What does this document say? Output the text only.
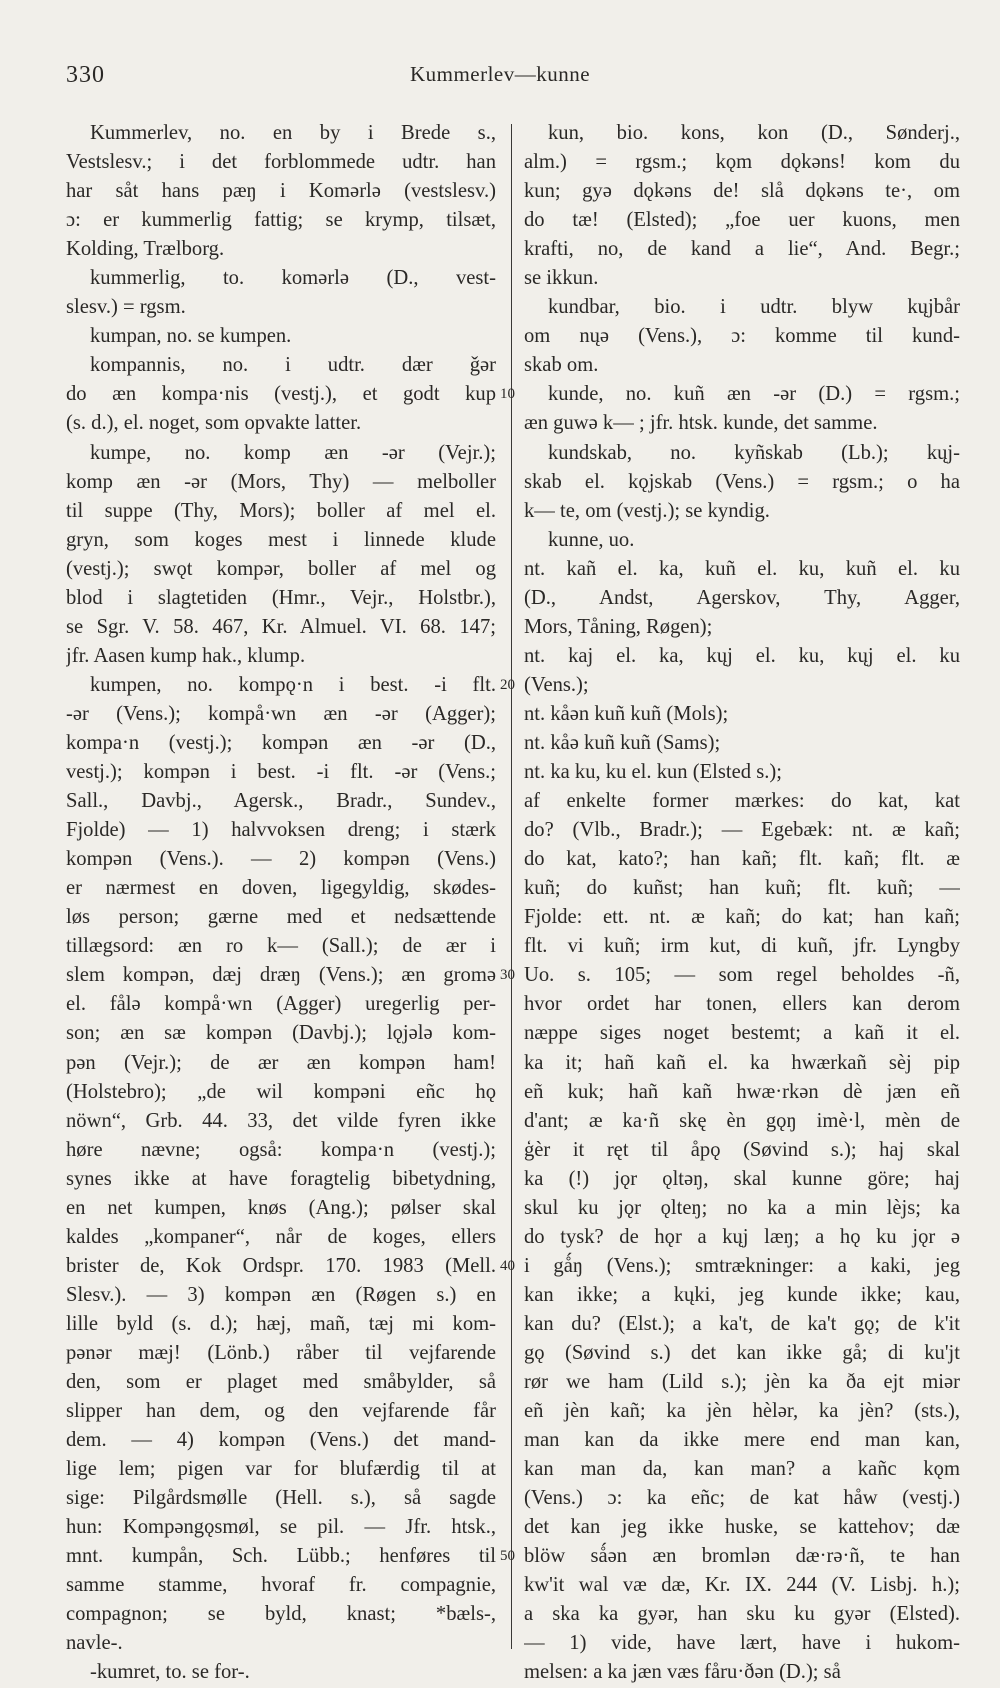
330	Kummerlev—kunne
Kummerlev, no. en by i Brede s.,
Vestslesv.; i det forblommede udtr. han
har såt hans pæŋ i Komərlə (vestslesv.)
ɔ: er kummerlig fattig; se krymp, tilsæt,
Kolding, Trælborg.
kummerlig, to. komərlə (D., vest-
slesv.) = rgsm.
kumpan, no. se kumpen.
kompannis, no. i udtr. dær ǧər
do æn kompa·nis (vestj.), et godt kup
(s. d.), el. noget, som opvakte latter.
kumpe, no. komp æn -ər (Vejr.);
komp æn -ər (Mors, Thy) — melboller
til suppe (Thy, Mors); boller af mel el.
gryn, som koges mest i linnede klude
(vestj.); swǫt kompər, boller af mel og
blod i slagtetiden (Hmr., Vejr., Holstbr.),
se Sgr. V. 58. 467, Kr. Almuel. VI. 68. 147;
jfr. Aasen kump hak., klump.
kumpen, no. kompǫ·n i best. -i flt.
-ər (Vens.); kompå·wn æn -ər (Agger);
kompa·n (vestj.); kompən æn -ər (D.,
vestj.); kompən i best. -i flt. -ər (Vens.;
Sall., Davbj., Agersk., Bradr., Sundev.,
Fjolde) — 1) halvvoksen dreng; i stærk
kompən (Vens.). — 2) kompən (Vens.)
er nærmest en doven, ligegyldig, skødes-
løs person; gærne med et nedsættende
tillægsord: æn ro k— (Sall.); de ær i
slem kompən, dæj dræŋ (Vens.); æn gromə
el. fålə kompå·wn (Agger) uregerlig per-
son; æn sæ kompən (Davbj.); lǫjələ kom-
pən (Vejr.); de ær æn kompən ham!
(Holstebro); „de wil kompəni eñc hǫ
nöwn“, Grb. 44. 33, det vilde fyren ikke
høre nævne; også: kompa·n (vestj.);
synes ikke at have foragtelig bibetydning,
en net kumpen, knøs (Ang.); pølser skal
kaldes „kompaner“, når de koges, ellers
brister de, Kok Ordspr. 170. 1983 (Mell.
Slesv.). — 3) kompən æn (Røgen s.) en
lille byld (s. d.); hæj, mañ, tæj mi kom-
pənər mæj! (Lönb.) råber til vejfarende
den, som er plaget med småbylder, så
slipper han dem, og den vejfarende får
dem. — 4) kompən (Vens.) det mand-
lige lem; pigen var for blufærdig til at
sige: Pilgårdsmølle (Hell. s.), så sagde
hun: Kompəngǫsmøl, se pil. — Jfr. htsk.,
mnt. kumpån, Sch. Lübb.; henføres til
samme stamme, hvoraf fr. compagnie,
compagnon; se byld, knast; *bæls-,
navle-.
-kumret, to. se for-.
10
20
30
40
50
kun, bio. kons, kon (D., Sønderj.,
alm.) = rgsm.; kǫm dǫkəns! kom du
kun; gyə dǫkəns de! slå dǫkəns te·, om
do tæ! (Elsted); „foe uer kuons, men
krafti, no, de kand a lie“, And. Begr.;
se ikkun.
kundbar, bio. i udtr. blyw kųjbår
om nųə (Vens.), ɔ: komme til kund-
skab om.
kunde, no. kuñ æn -ər (D.) = rgsm.;
æn guwə k— ; jfr. htsk. kunde, det samme.
kundskab, no. kyñskab (Lb.); kųj-
skab el. kǫjskab (Vens.) = rgsm.; o ha
k— te, om (vestj.); se kyndig.
kunne, uo.
nt. kañ el. ka, kuñ el. ku, kuñ el. ku
(D., Andst, Agerskov, Thy, Agger,
Mors, Tåning, Røgen);
nt. kaj el. ka, kųj el. ku, kųj el. ku
(Vens.);
nt. kåən kuñ kuñ (Mols);
nt. kåə kuñ kuñ (Sams);
nt. ka ku, ku el. kun (Elsted s.);
af enkelte former mærkes: do kat, kat
do? (Vlb., Bradr.); — Egebæk: nt. æ kañ;
do kat, kato?; han kañ; flt. kañ; flt. æ
kuñ; do kuñst; han kuñ; flt. kuñ; —
Fjolde: ett. nt. æ kañ; do kat; han kañ;
flt. vi kuñ; irm kut, di kuñ, jfr. Lyngby
Uo. s. 105; — som regel beholdes -ñ,
hvor ordet har tonen, ellers kan derom
næppe siges noget bestemt; a kañ it el.
ka it; hañ kañ el. ka hwærkañ sèj pip
eñ kuk; hañ kañ hwæ·rkən dè jæn eñ
d'ant; æ ka·ñ skę èn gǫŋ imè·l, mèn de
ģèr it ręt til åpǫ (Søvind s.); haj skal
ka (!) jǫr ǫltəŋ, skal kunne göre; haj
skul ku jǫr ǫlteŋ; no ka a min lèjs; ka
do tysk? de hǫr a kųj læŋ; a hǫ ku jǫr ə
i gǻŋ (Vens.); smtrækninger: a kaki, jeg
kan ikke; a kųki, jeg kunde ikke; kau,
kan du? (Elst.); a ka't, de ka't gǫ; de k'it
gǫ (Søvind s.) det kan ikke gå; di ku'jt
rør we ham (Lild s.); jèn ka ða ejt miər
eñ jèn kañ; ka jèn hèlər, ka jèn? (sts.),
man kan da ikke mere end man kan,
kan man da, kan man? a kañc kǫm
(Vens.) ɔ: ka eñc; de kat håw (vestj.)
det kan jeg ikke huske, se kattehov; dæ
blöw sǻən æn bromlən dæ·rə·ñ, te han
kw'it wal væ dæ, Kr. IX. 244 (V. Lisbj. h.);
a ska ka gyər, han sku ku gyər (Elsted).
— 1) vide, have lært, have i hukom-
melsen: a ka jæn væs fåru·ðən (D.); så
